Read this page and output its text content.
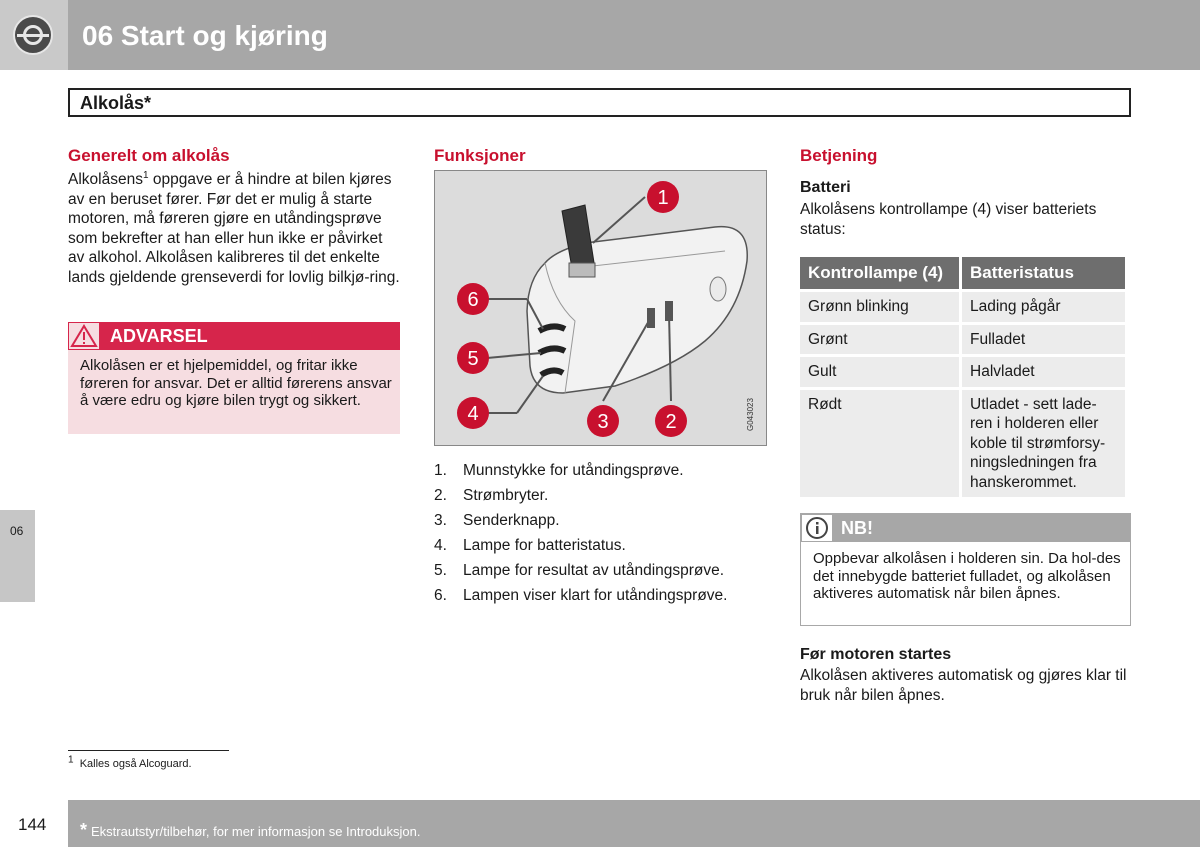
06 Start og kjøring
Alkolås*
06
Generelt om alkolås
Alkolåsens$^1$ oppgave er å hindre at bilen kjøres av en beruset fører. Før det er mulig å starte motoren, må føreren gjøre en utåndingsprøve som bekrefter at han eller hun ikke er påvirket av alkohol. Alkolåsen kalibreres til det enkelte lands gjeldende grenseverdi for lovlig bilkjø-ring.
ADVARSEL
Alkolåsen er et hjelpemiddel, og fritar ikke føreren for ansvar. Det er alltid førerens ansvar å være edru og kjøre bilen trygt og sikkert.
Funksjoner
1
6
5
4	3	2	G043023
1. Munnstykke for utåndingsprøve.
2. Strømbryter.
3. Senderknapp.
4. Lampe for batteristatus.
5. Lampe for resultat av utåndingsprøve.
6. Lampen viser klart for utåndingsprøve.
Betjening
Batteri
Alkolåsens kontrollampe (4) viser batteriets status:
Kontrollampe (4)	Batteristatus
Grønn blinking	Lading pågår
Grønt	Fulladet
Gult	Halvladet
Rødt	Utladet - sett lade-ren i holderen eller koble til strømforsy-ningsledningen fra hanskerommet.
NB!
Oppbevar alkolåsen i holderen sin. Da hol-des det innebygde batteriet fulladet, og alkolåsen aktiveres automatisk når bilen åpnes.
Før motoren startes
Alkolåsen aktiveres automatisk og gjøres klar til bruk når bilen åpnes.
$^1$ Kalles også Alcoguard.
144 * Ekstrautstyr/tilbehør, for mer informasjon se Introduksjon.
